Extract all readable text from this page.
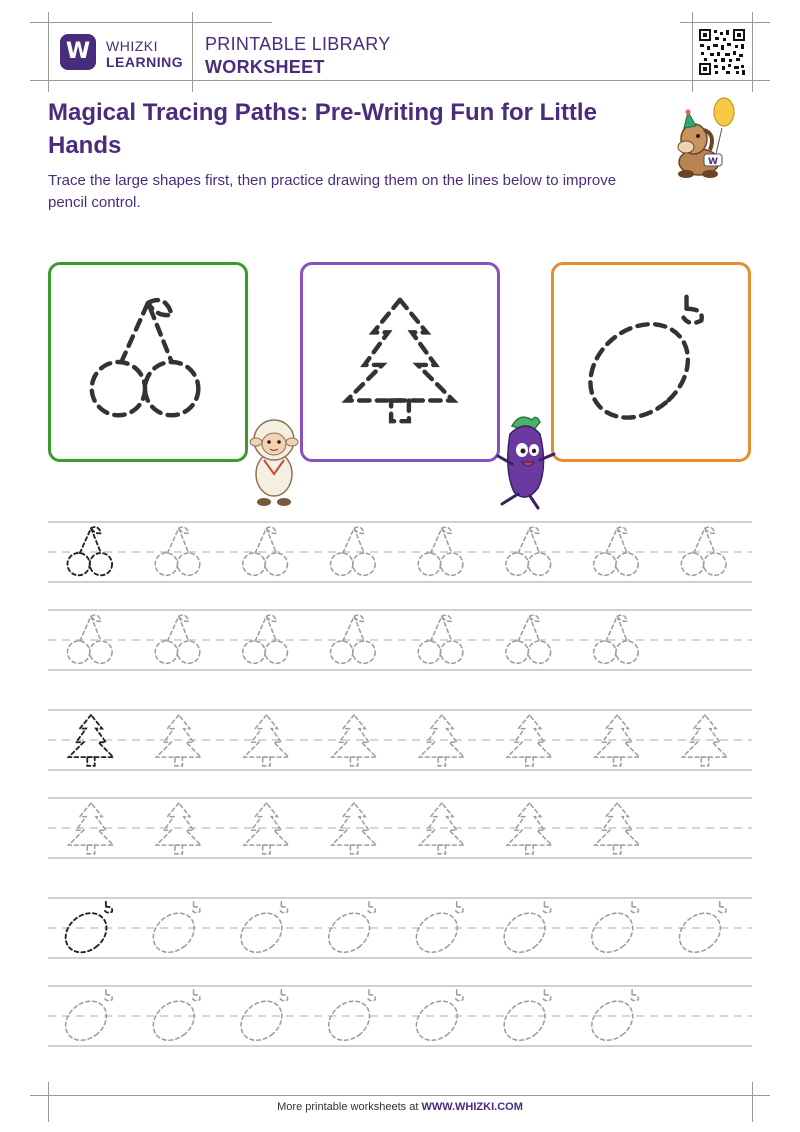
W	WHIZKI
LEARNING
PRINTABLE LIBRARY
WORKSHEET
Magical Tracing Paths: Pre-Writing Fun for Little Hands
Trace the large shapes first, then practice drawing them on the lines below to improve pencil control.
W
More printable worksheets at WWW.WHIZKI.COM
